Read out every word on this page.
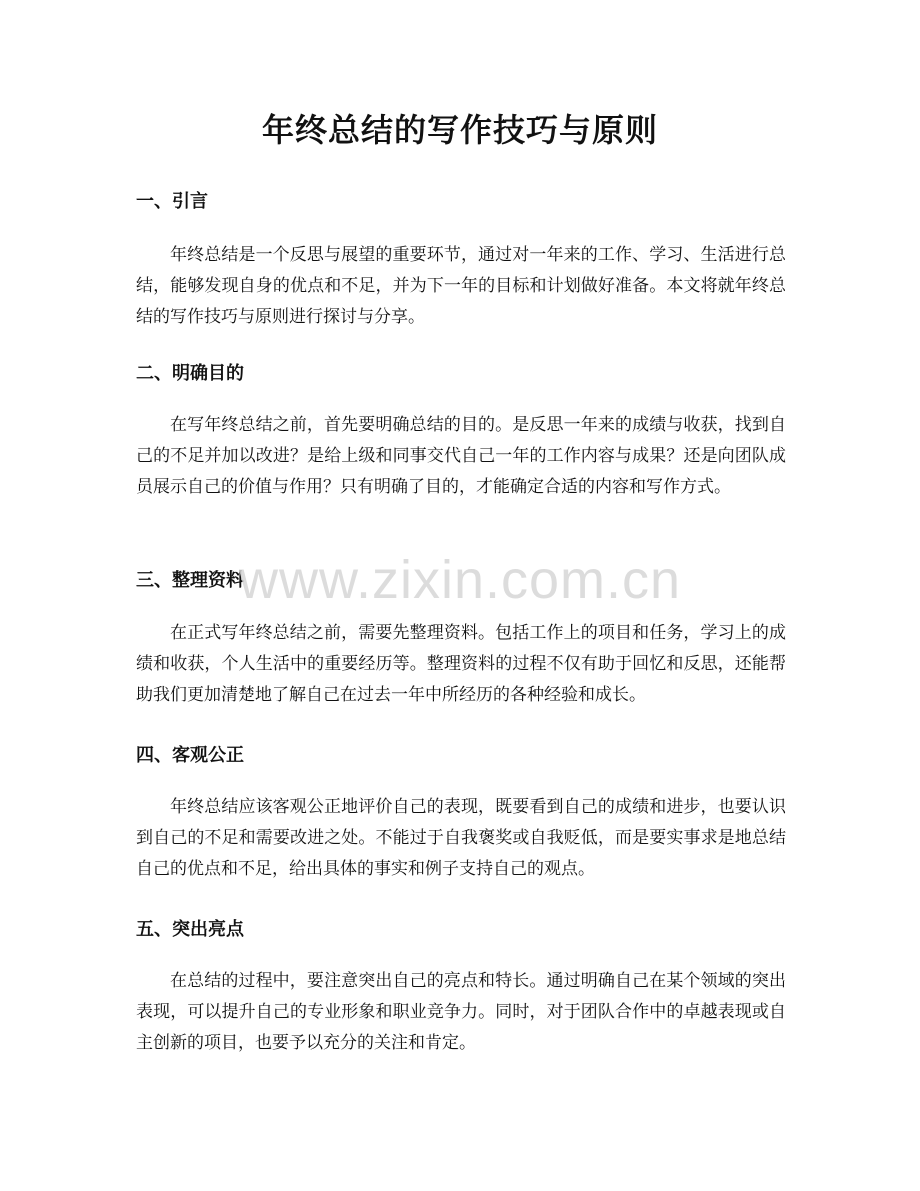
年终总结的写作技巧与原则
一、引言

年终总结是一个反思与展望的重要环节，通过对一年来的工作、学习、生活进行总结，能够发现自身的优点和不足，并为下一年的目标和计划做好准备。本文将就年终总结的写作技巧与原则进行探讨与分享。

二、明确目的

在写年终总结之前，首先要明确总结的目的。是反思一年来的成绩与收获，找到自己的不足并加以改进？是给上级和同事交代自己一年的工作内容与成果？还是向团队成员展示自己的价值与作用？只有明确了目的，才能确定合适的内容和写作方式。

三、整理资料

在正式写年终总结之前，需要先整理资料。包括工作上的项目和任务，学习上的成绩和收获，个人生活中的重要经历等。整理资料的过程不仅有助于回忆和反思，还能帮助我们更加清楚地了解自己在过去一年中所经历的各种经验和成长。

四、客观公正

年终总结应该客观公正地评价自己的表现，既要看到自己的成绩和进步，也要认识到自己的不足和需要改进之处。不能过于自我褒奖或自我贬低，而是要实事求是地总结自己的优点和不足，给出具体的事实和例子支持自己的观点。

五、突出亮点

在总结的过程中，要注意突出自己的亮点和特长。通过明确自己在某个领域的突出表现，可以提升自己的专业形象和职业竞争力。同时，对于团队合作中的卓越表现或自主创新的项目，也要予以充分的关注和肯定。

www.zixin.com.cn
